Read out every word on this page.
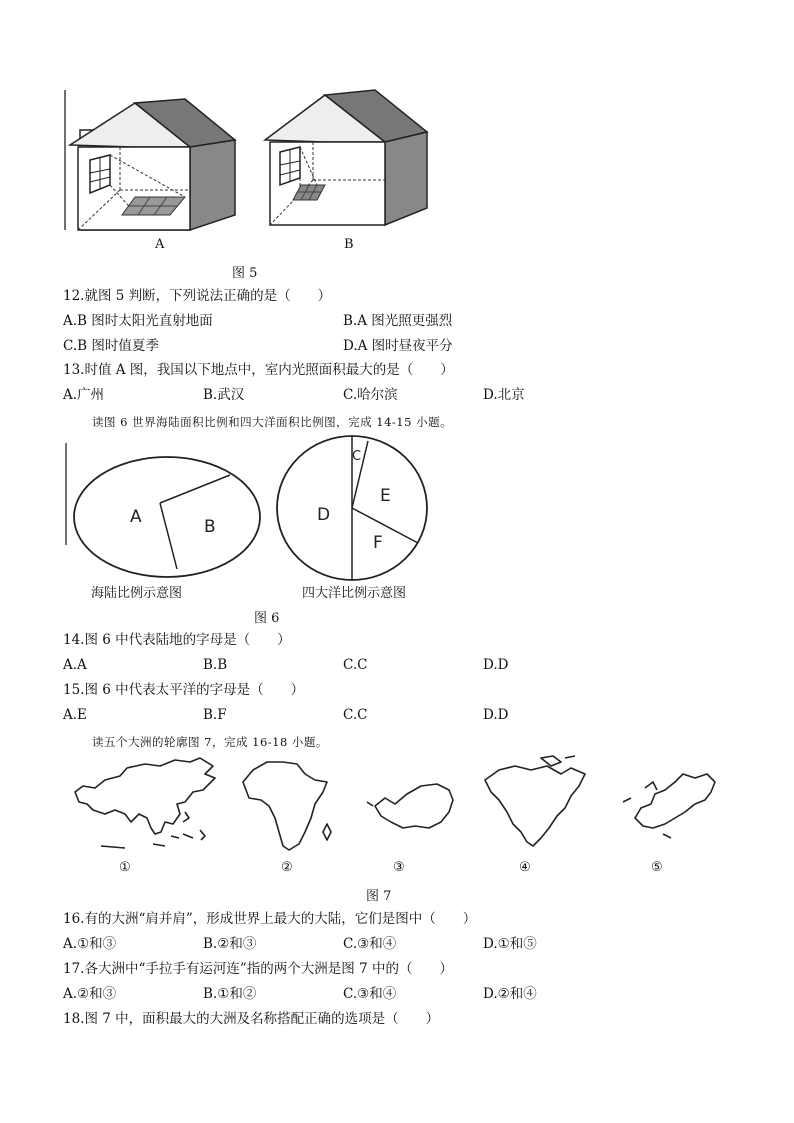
A	B
图 5
12.就图 5 判断，下列说法正确的是（　　）
A.B 图时太阳光直射地面	B.A 图光照更强烈
C.B 图时值夏季	D.A 图时昼夜平分
13.时值 A 图，我国以下地点中，室内光照面积最大的是（　　）
A.广州	B.武汉	C.哈尔滨	D.北京
读图 6 世界海陆面积比例和四大洋面积比例图，完成 14-15 小题。
A	B
C
D
E
F
海陆比例示意图	四大洋比例示意图
图 6
14.图 6 中代表陆地的字母是（　　）
A.A	B.B	C.C	D.D
15.图 6 中代表太平洋的字母是（　　）
A.E	B.F	C.C	D.D
读五个大洲的轮廓图 7，完成 16-18 小题。
①	②	③	④	⑤
图 7
16.有的大洲“肩并肩”，形成世界上最大的大陆，它们是图中（　　）
A.①和③	B.②和③	C.③和④	D.①和⑤
17.各大洲中“手拉手有运河连”指的两个大洲是图 7 中的（　　）
A.②和③	B.①和②	C.③和④	D.②和④
18.图 7 中，面积最大的大洲及名称搭配正确的选项是（　　）
